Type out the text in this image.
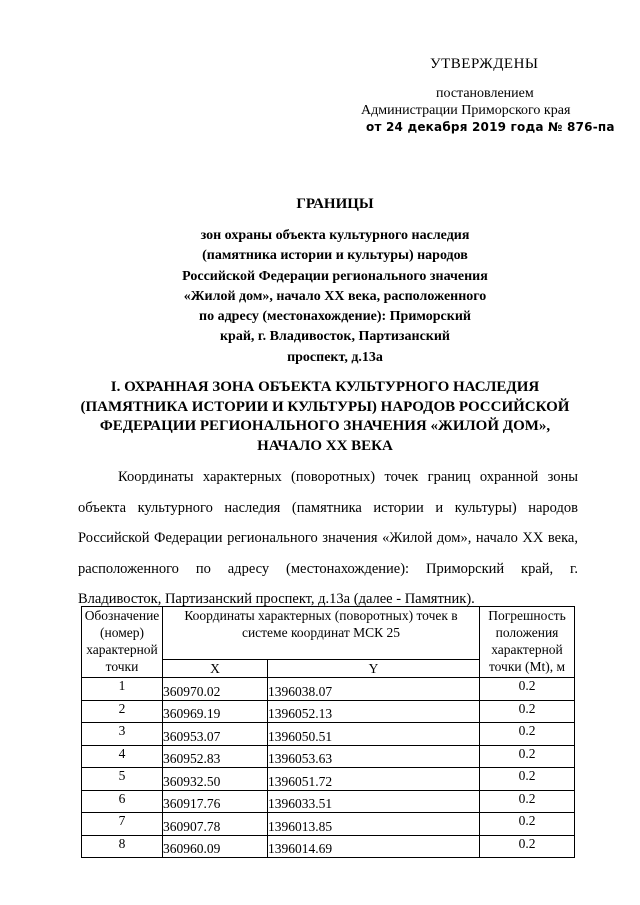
УТВЕРЖДЕНЫ
постановлением
Администрации Приморского края
от 24 декабря 2019 года № 876-па
ГРАНИЦЫ
зон охраны объекта культурного наследия
(памятника истории и культуры) народов
Российской Федерации регионального значения
«Жилой дом», начало XX века, расположенного
по адресу (местонахождение): Приморский
край, г. Владивосток, Партизанский
проспект, д.13а
I. ОХРАННАЯ ЗОНА ОБЪЕКТА КУЛЬТУРНОГО НАСЛЕДИЯ
(ПАМЯТНИКА ИСТОРИИ И КУЛЬТУРЫ) НАРОДОВ РОССИЙСКОЙ
ФЕДЕРАЦИИ РЕГИОНАЛЬНОГО ЗНАЧЕНИЯ «ЖИЛОЙ ДОМ»,
НАЧАЛО XX ВЕКА

Координаты характерных (поворотных) точек границ охранной зоны объекта культурного наследия (памятника истории и культуры) народов Российской Федерации регионального значения «Жилой дом», начало XX века, расположенного по адресу (местонахождение): Приморский край, г. Владивосток, Партизанский проспект, д.13а (далее - Памятник).

Обозначение (номер) характерной точки	Координаты характерных (поворотных) точек в системе координат МСК 25		Погрешность положения характерной точки (Mt), м
	X	Y	
1	360970.02	1396038.07	0.2
2	360969.19	1396052.13	0.2
3	360953.07	1396050.51	0.2
4	360952.83	1396053.63	0.2
5	360932.50	1396051.72	0.2
6	360917.76	1396033.51	0.2
7	360907.78	1396013.85	0.2
8	360960.09	1396014.69	0.2
